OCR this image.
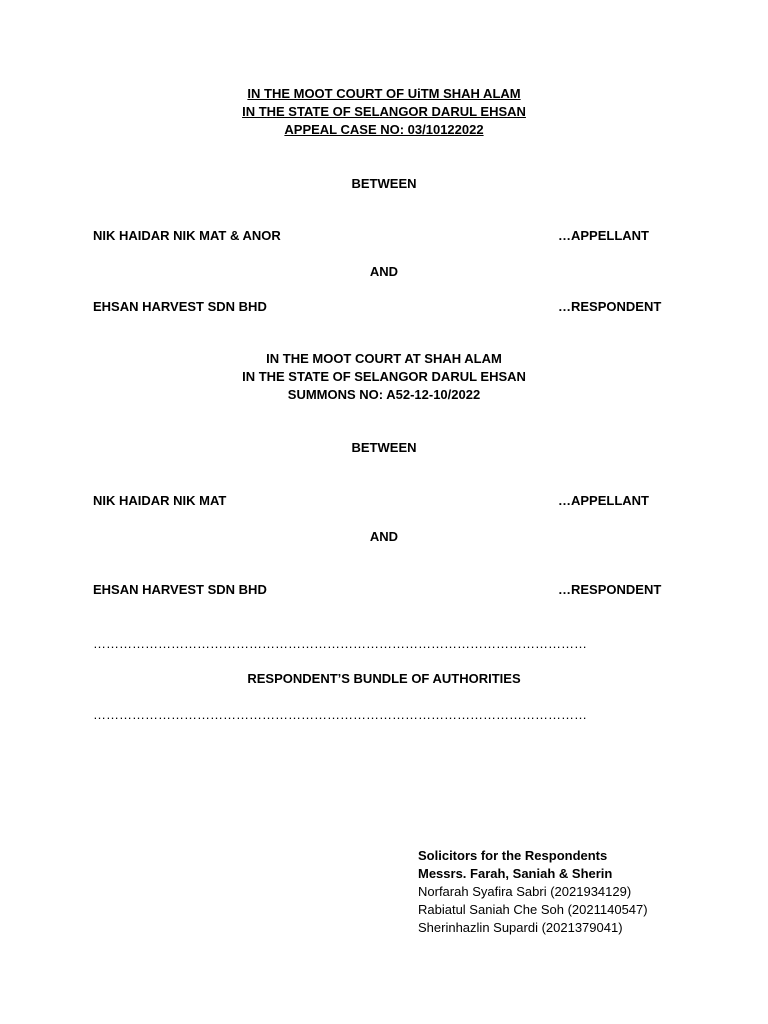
IN THE MOOT COURT OF UiTM SHAH ALAM
IN THE STATE OF SELANGOR DARUL EHSAN
APPEAL CASE NO: 03/10122022
BETWEEN
NIK HAIDAR NIK MAT & ANOR	…APPELLANT
AND
EHSAN HARVEST SDN BHD	…RESPONDENT
IN THE MOOT COURT AT SHAH ALAM
IN THE STATE OF SELANGOR DARUL EHSAN
SUMMONS NO: A52-12-10/2022
BETWEEN
NIK HAIDAR NIK MAT	…APPELLANT
AND
EHSAN HARVEST SDN BHD	…RESPONDENT
……………………………………………………………………………………………………
RESPONDENT’S BUNDLE OF AUTHORITIES
……………………………………………………………………………………………………
Solicitors for the Respondents
Messrs. Farah, Saniah & Sherin
Norfarah Syafira Sabri (2021934129)
Rabiatul Saniah Che Soh (2021140547)
Sherinhazlin Supardi (2021379041)
